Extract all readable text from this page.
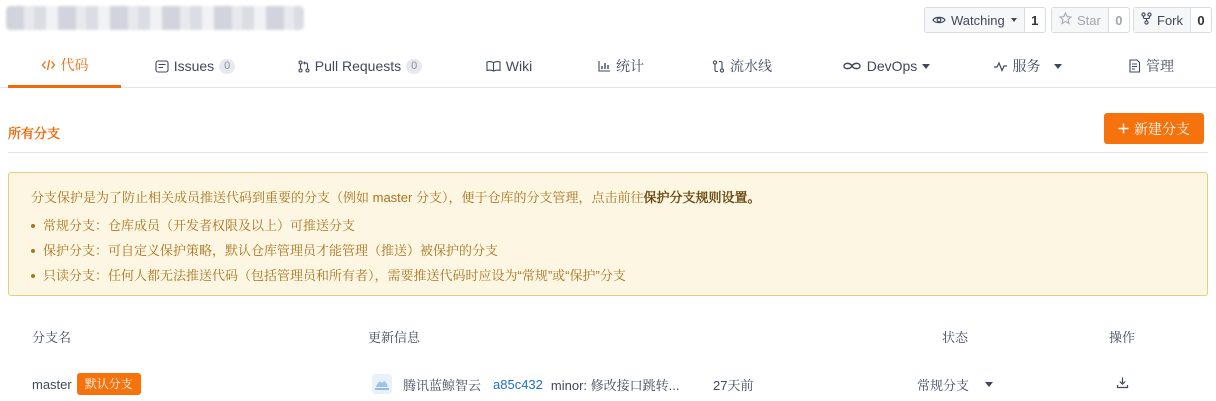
Watching	1	Star	0	Fork	0
代码	Issues 0	Pull Requests 0	Wiki	统计	流水线	DevOps	服务	管理
所有分支	新建分支
分支保护是为了防止相关成员推送代码到重要的分支（例如 master 分支），便于仓库的分支管理，点击前往保护分支规则设置。
常规分支：仓库成员（开发者权限及以上）可推送分支
保护分支：可自定义保护策略，默认仓库管理员才能管理（推送）被保护的分支
只读分支：任何人都无法推送代码（包括管理员和所有者），需要推送代码时应设为“常规”或“保护”分支
分支名	更新信息	状态	操作
master	默认分支	腾讯蓝鲸智云 a85c432 minor: 修改接口跳转...	27天前	常规分支
